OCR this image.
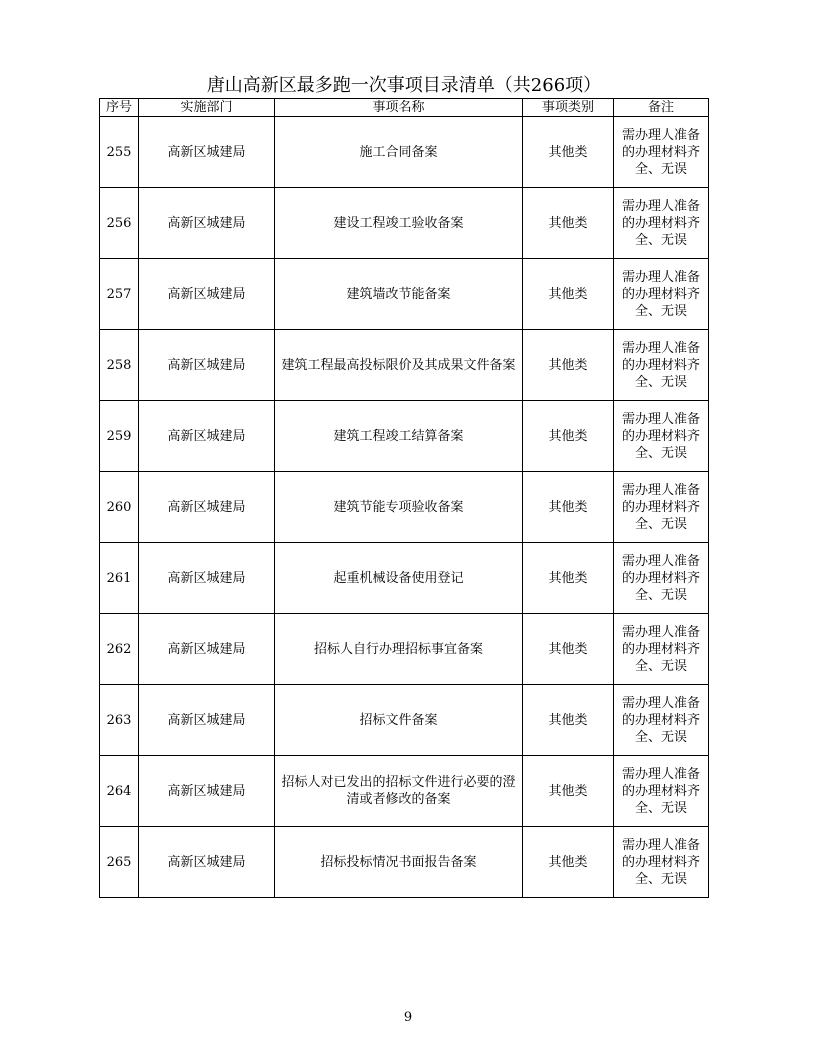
唐山高新区最多跑一次事项目录清单（共266项）
序号	实施部门	事项名称	事项类别	备注
255	高新区城建局	施工合同备案	其他类	需办理人准备的办理材料齐全、无误
256	高新区城建局	建设工程竣工验收备案	其他类	需办理人准备的办理材料齐全、无误
257	高新区城建局	建筑墙改节能备案	其他类	需办理人准备的办理材料齐全、无误
258	高新区城建局	建筑工程最高投标限价及其成果文件备案	其他类	需办理人准备的办理材料齐全、无误
259	高新区城建局	建筑工程竣工结算备案	其他类	需办理人准备的办理材料齐全、无误
260	高新区城建局	建筑节能专项验收备案	其他类	需办理人准备的办理材料齐全、无误
261	高新区城建局	起重机械设备使用登记	其他类	需办理人准备的办理材料齐全、无误
262	高新区城建局	招标人自行办理招标事宜备案	其他类	需办理人准备的办理材料齐全、无误
263	高新区城建局	招标文件备案	其他类	需办理人准备的办理材料齐全、无误
264	高新区城建局	招标人对已发出的招标文件进行必要的澄清或者修改的备案	其他类	需办理人准备的办理材料齐全、无误
265	高新区城建局	招标投标情况书面报告备案	其他类	需办理人准备的办理材料齐全、无误
9
